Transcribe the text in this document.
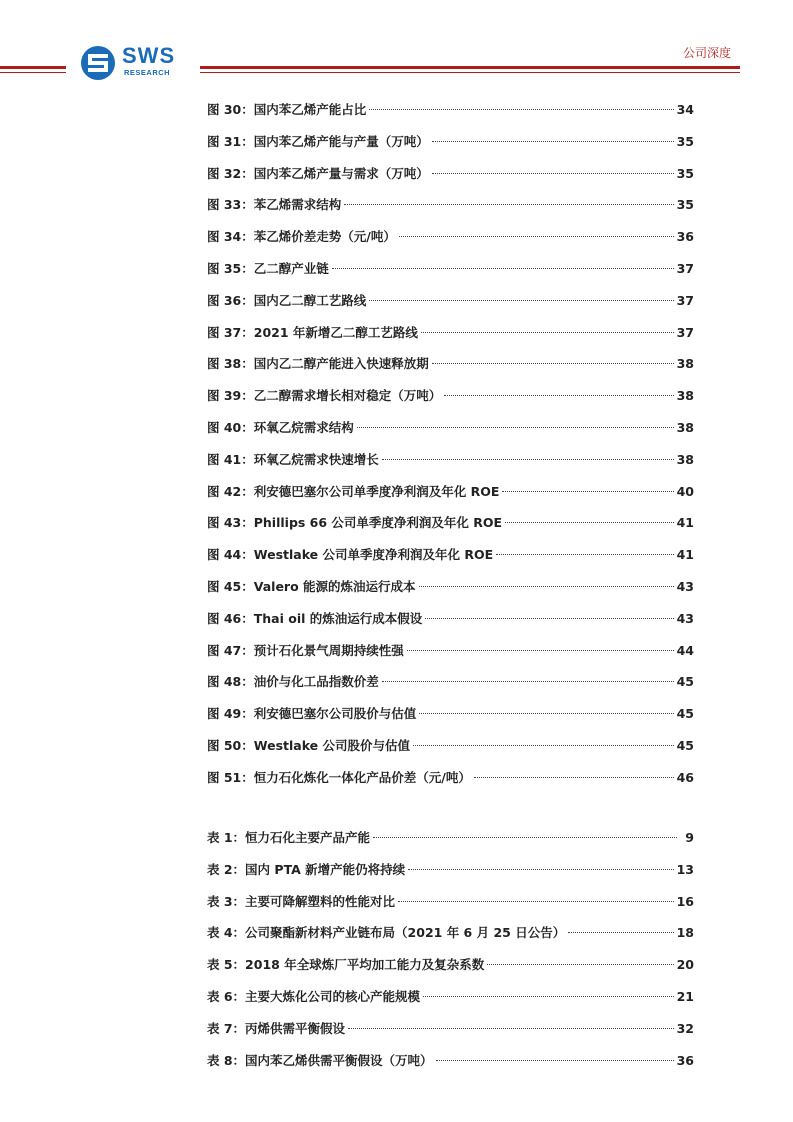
SWS
RESEARCH
公司深度
图 30：国内苯乙烯产能占比	34
图 31：国内苯乙烯产能与产量（万吨）	35
图 32：国内苯乙烯产量与需求（万吨）	35
图 33：苯乙烯需求结构	35
图 34：苯乙烯价差走势（元/吨）	36
图 35：乙二醇产业链	37
图 36：国内乙二醇工艺路线	37
图 37：2021 年新增乙二醇工艺路线	37
图 38：国内乙二醇产能进入快速释放期	38
图 39：乙二醇需求增长相对稳定（万吨）	38
图 40：环氧乙烷需求结构	38
图 41：环氧乙烷需求快速增长	38
图 42：利安德巴塞尔公司单季度净利润及年化 ROE	40
图 43：Phillips 66 公司单季度净利润及年化 ROE	41
图 44：Westlake 公司单季度净利润及年化 ROE	41
图 45：Valero 能源的炼油运行成本	43
图 46：Thai oil 的炼油运行成本假设	43
图 47：预计石化景气周期持续性强	44
图 48：油价与化工品指数价差	45
图 49：利安德巴塞尔公司股价与估值	45
图 50：Westlake 公司股价与估值	45
图 51：恒力石化炼化一体化产品价差（元/吨）	46
表 1：恒力石化主要产品产能	9
表 2：国内 PTA 新增产能仍将持续	13
表 3：主要可降解塑料的性能对比	16
表 4：公司聚酯新材料产业链布局（2021 年 6 月 25 日公告）	18
表 5：2018 年全球炼厂平均加工能力及复杂系数	20
表 6：主要大炼化公司的核心产能规模	21
表 7：丙烯供需平衡假设	32
表 8：国内苯乙烯供需平衡假设（万吨）	36
